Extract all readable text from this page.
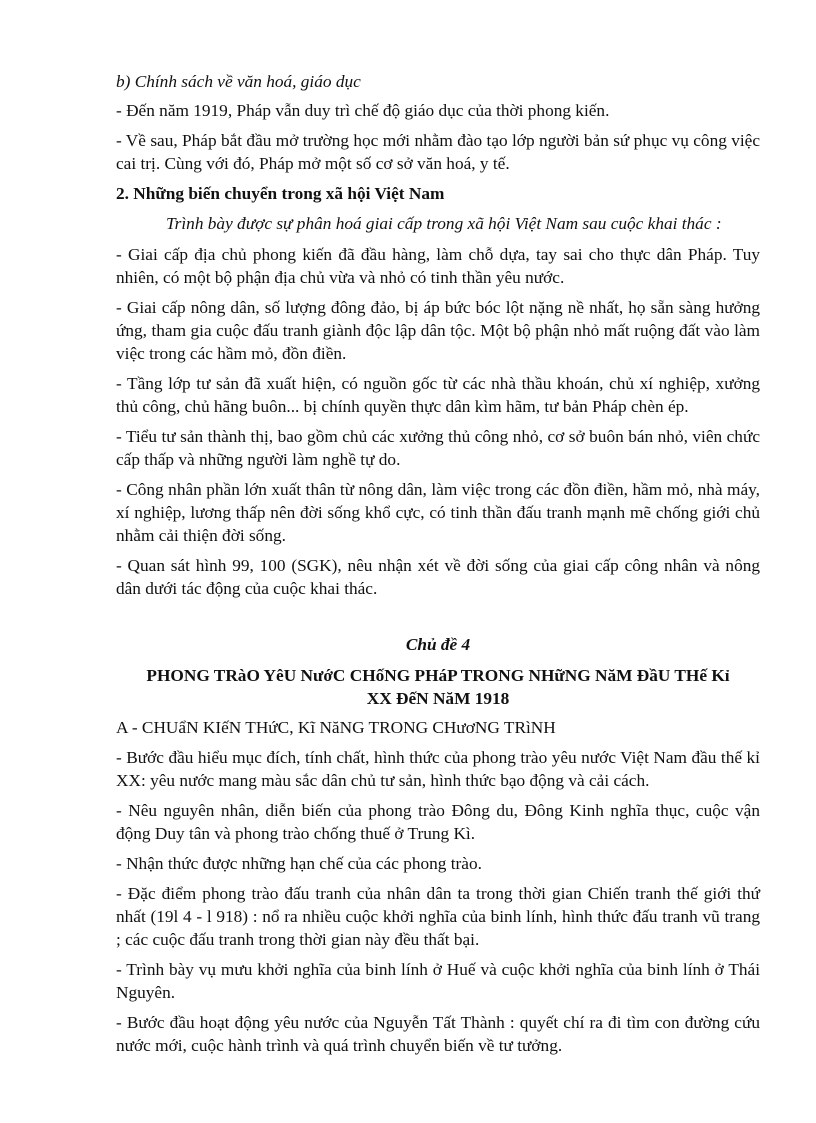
b) Chính sách về văn hoá, giáo dục

- Đến năm 1919, Pháp vẫn duy trì chế độ giáo dục của thời phong kiến.

- Về sau, Pháp bắt đầu mở trường học mới nhằm đào tạo lớp người bản sứ phục vụ công việc cai trị. Cùng với đó, Pháp mở một số cơ sở văn hoá, y tế.

2. Những biến chuyển trong xã hội Việt Nam

Trình bày được sự phân hoá giai cấp trong xã hội Việt Nam sau cuộc khai thác :

- Giai cấp địa chủ phong kiến đã đầu hàng, làm chỗ dựa, tay sai cho thực dân Pháp. Tuy nhiên, có một bộ phận địa chủ vừa và nhỏ có tinh thần yêu nước.

- Giai cấp nông dân, số lượng đông đảo, bị áp bức bóc lột nặng nề nhất, họ sẵn sàng hưởng ứng, tham gia cuộc đấu tranh giành độc lập dân tộc. Một bộ phận nhỏ mất ruộng đất vào làm việc trong các hầm mỏ, đồn điền.

- Tầng lớp tư sản đã xuất hiện, có nguồn gốc từ các nhà thầu khoán, chủ xí nghiệp, xưởng thủ công, chủ hãng buôn... bị chính quyền thực dân kìm hãm, tư bản Pháp chèn ép.

- Tiểu tư sản thành thị, bao gồm chủ các xưởng thủ công nhỏ, cơ sở buôn bán nhỏ, viên chức cấp thấp và những người làm nghề tự do.

- Công nhân phần lớn xuất thân từ nông dân, làm việc trong các đồn điền, hầm mỏ, nhà máy, xí nghiệp, lương thấp nên đời sống khổ cực, có tinh thần đấu tranh mạnh mẽ chống giới chủ nhằm cải thiện đời sống.

- Quan sát hình 99, 100 (SGK), nêu nhận xét về đời sống của giai cấp công nhân và nông dân dưới tác động của cuộc khai thác.

Chủ đề 4

PHONG TRàO YêU NướC CHốNG PHáP TRONG NHữNG NăM ĐầU THế Kỉ XX ĐếN NăM 1918

A - CHUẩN KIếN THứC, Kĩ NăNG TRONG CHươNG TRìNH

- Bước đầu hiểu mục đích, tính chất, hình thức của phong trào yêu nước Việt Nam đầu thế kỉ XX: yêu nước mang màu sắc dân chủ tư sản, hình thức bạo động và cải cách.

- Nêu nguyên nhân, diễn biến của phong trào Đông du, Đông Kinh nghĩa thục, cuộc vận động Duy tân và phong trào chống thuế ở Trung Kì.

- Nhận thức được những hạn chế của các phong trào.

- Đặc điểm phong trào đấu tranh của nhân dân ta trong thời gian Chiến tranh thế giới thứ nhất (19l 4 - l 918) : nổ ra nhiều cuộc khởi nghĩa của binh lính, hình thức đấu tranh vũ trang ; các cuộc đấu tranh trong thời gian này đều thất bại.

- Trình bày vụ mưu khởi nghĩa của binh lính ở Huế và cuộc khởi nghĩa của binh lính ở Thái Nguyên.

- Bước đầu hoạt động yêu nước của Nguyễn Tất Thành : quyết chí ra đi tìm con đường cứu nước mới, cuộc hành trình và quá trình chuyển biến về tư tưởng.
